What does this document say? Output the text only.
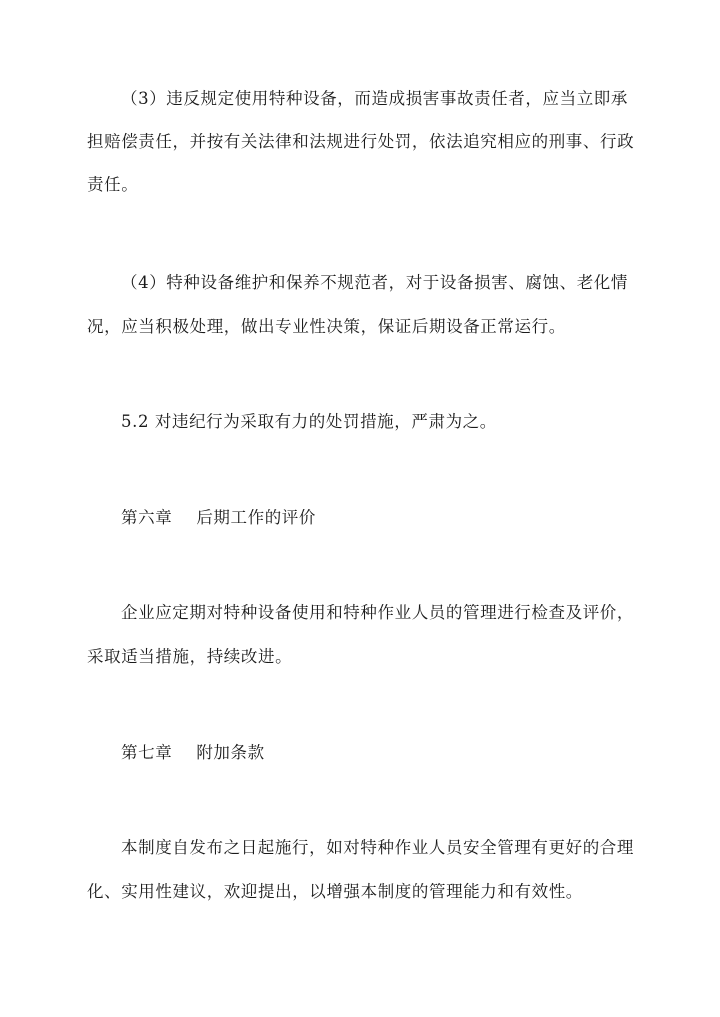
（3）违反规定使用特种设备，而造成损害事故责任者，应当立即承
担赔偿责任，并按有关法律和法规进行处罚，依法追究相应的刑事、行政
责任。
（4）特种设备维护和保养不规范者，对于设备损害、腐蚀、老化情
况，应当积极处理，做出专业性决策，保证后期设备正常运行。
5.2 对违纪行为采取有力的处罚措施，严肃为之。
第六章 后期工作的评价
企业应定期对特种设备使用和特种作业人员的管理进行检查及评价，
采取适当措施，持续改进。
第七章 附加条款
本制度自发布之日起施行，如对特种作业人员安全管理有更好的合理
化、实用性建议，欢迎提出，以增强本制度的管理能力和有效性。
